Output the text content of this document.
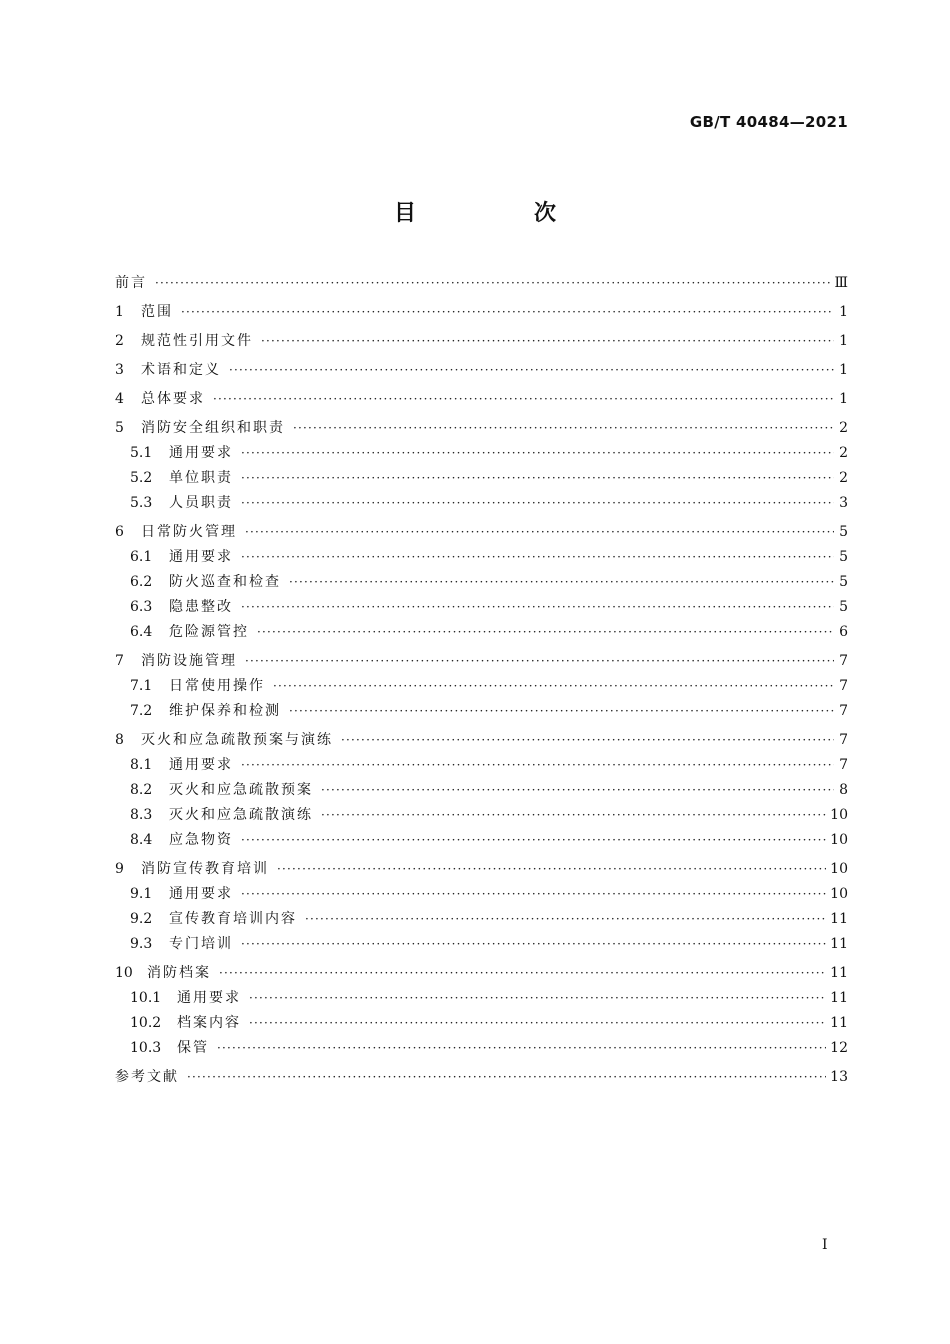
GB/T 40484—2021
目　次
前言 ·····	Ⅲ
1	范围 ·····	1
2	规范性引用文件 ·····	1
3	术语和定义 ·····	1
4	总体要求 ·····	1
5	消防安全组织和职责 ·····	2
5.1	通用要求 ·····	2
5.2	单位职责 ·····	2
5.3	人员职责 ·····	3
6	日常防火管理 ·····	5
6.1	通用要求 ·····	5
6.2	防火巡查和检查 ·····	5
6.3	隐患整改 ·····	5
6.4	危险源管控 ·····	6
7	消防设施管理 ·····	7
7.1	日常使用操作 ·····	7
7.2	维护保养和检测 ·····	7
8	灭火和应急疏散预案与演练 ·····	7
8.1	通用要求 ·····	7
8.2	灭火和应急疏散预案 ·····	8
8.3	灭火和应急疏散演练 ·····	10
8.4	应急物资 ·····	10
9	消防宣传教育培训 ·····	10
9.1	通用要求 ·····	10
9.2	宣传教育培训内容 ·····	11
9.3	专门培训 ·····	11
10	消防档案 ·····	11
10.1	通用要求 ·····	11
10.2	档案内容 ·····	11
10.3	保管 ·····	12
参考文献 ·····	13
I
